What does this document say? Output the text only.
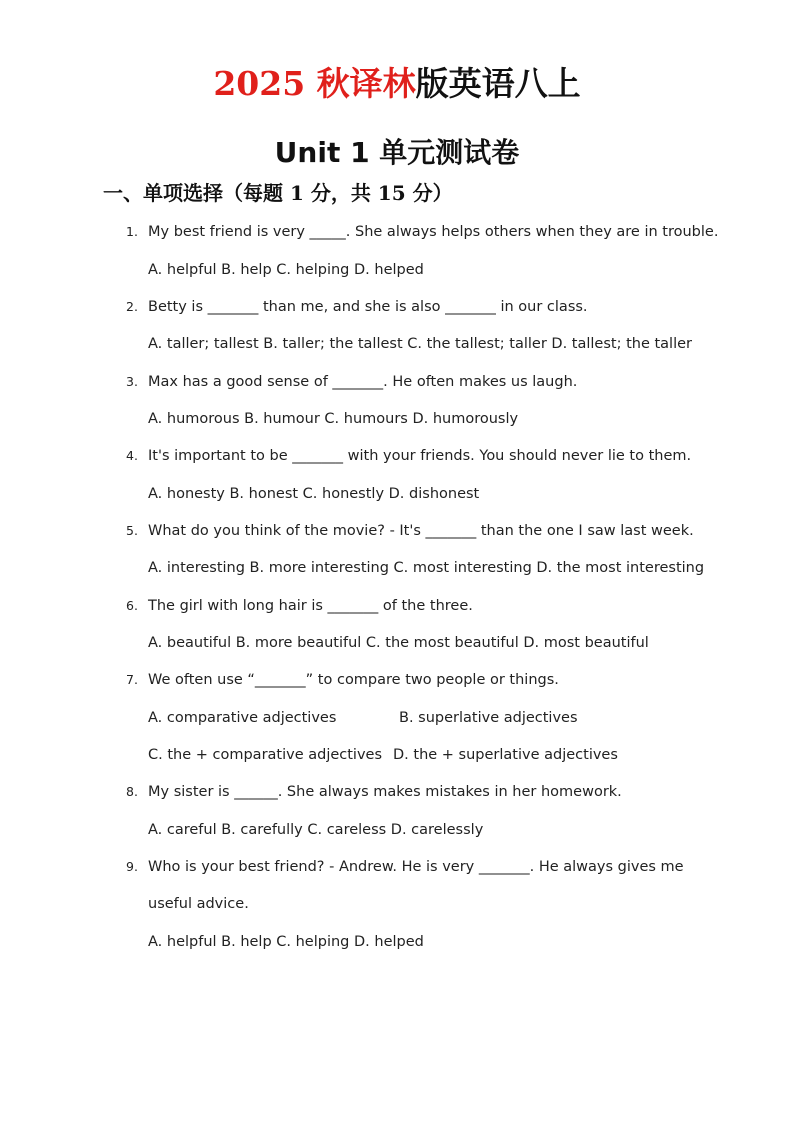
2025 秋译林版英语八上
Unit 1 单元测试卷
一、单项选择（每题 1 分，共 15 分）
1. My best friend is very _____. She always helps others when they are in trouble.
A. helpful B. help C. helping D. helped
2. Betty is _______ than me, and she is also _______ in our class.
A. taller; tallest B. taller; the tallest C. the tallest; taller D. tallest; the taller
3. Max has a good sense of _______. He often makes us laugh.
A. humorous B. humour C. humours D. humorously
4. It's important to be _______ with your friends. You should never lie to them.
A. honesty B. honest C. honestly D. dishonest
5. What do you think of the movie? - It's _______ than the one I saw last week.
A. interesting B. more interesting C. most interesting D. the most interesting
6. The girl with long hair is _______ of the three.
A. beautiful B. more beautiful C. the most beautiful D. most beautiful
7. We often use “_______” to compare two people or things.
A. comparative adjectives	B. superlative adjectives
C. the + comparative adjectives D. the + superlative adjectives
8. My sister is ______. She always makes mistakes in her homework.
A. careful B. carefully C. careless D. carelessly
9. Who is your best friend? - Andrew. He is very _______. He always gives me
useful advice.
A. helpful B. help C. helping D. helped
